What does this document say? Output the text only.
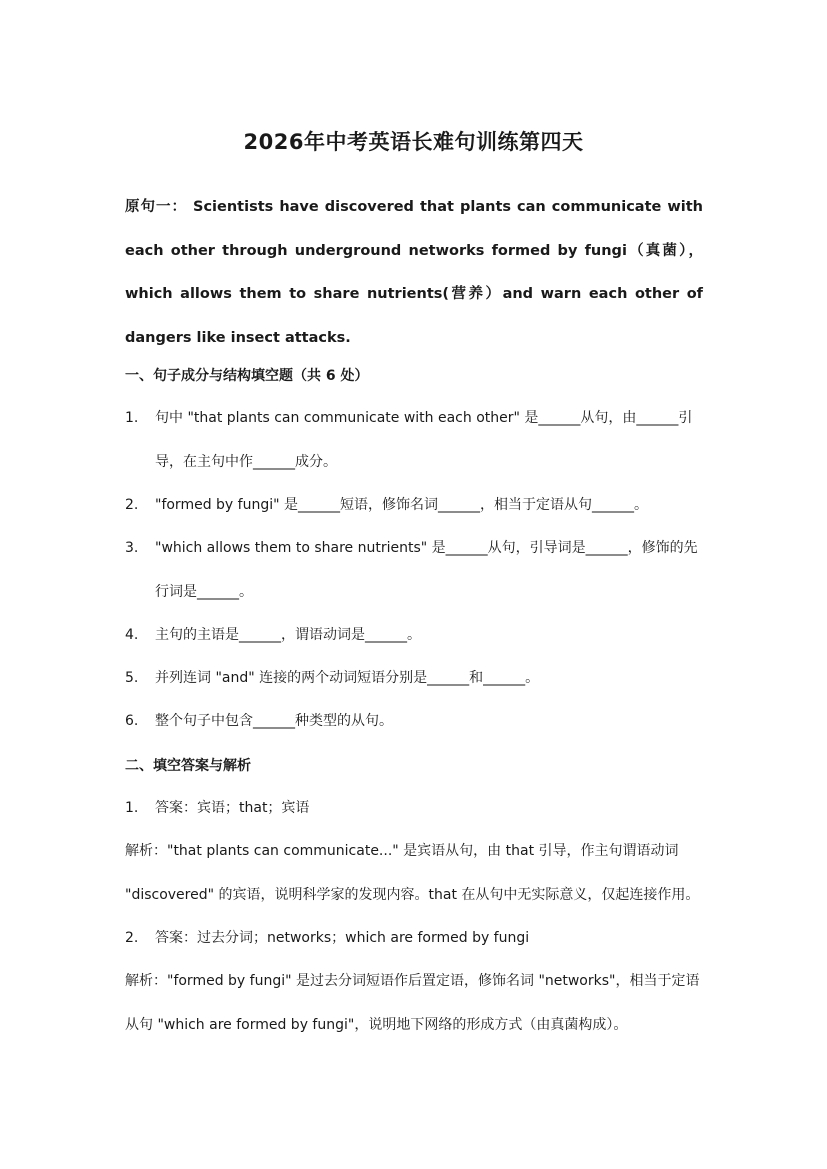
2026年中考英语长难句训练第四天
原句一： Scientists have discovered that plants can communicate with each other through underground networks formed by fungi（真菌），which allows them to share nutrients(营养）and warn each other of dangers like insect attacks.
一、句子成分与结构填空题（共 6 处）
1. 句中 "that plants can communicate with each other" 是______从句，由______引导，在主句中作______成分。
2. "formed by fungi" 是______短语，修饰名词______，相当于定语从句______。
3. "which allows them to share nutrients" 是______从句，引导词是______，修饰的先行词是______。
4. 主句的主语是______，谓语动词是______。
5. 并列连词 "and" 连接的两个动词短语分别是______和______。
6. 整个句子中包含______种类型的从句。
二、填空答案与解析
1. 答案：宾语；that；宾语
解析："that plants can communicate..." 是宾语从句，由 that 引导，作主句谓语动词 "discovered" 的宾语，说明科学家的发现内容。that 在从句中无实际意义，仅起连接作用。
2. 答案：过去分词；networks；which are formed by fungi
解析："formed by fungi" 是过去分词短语作后置定语，修饰名词 "networks"，相当于定语从句 "which are formed by fungi"，说明地下网络的形成方式（由真菌构成）。
